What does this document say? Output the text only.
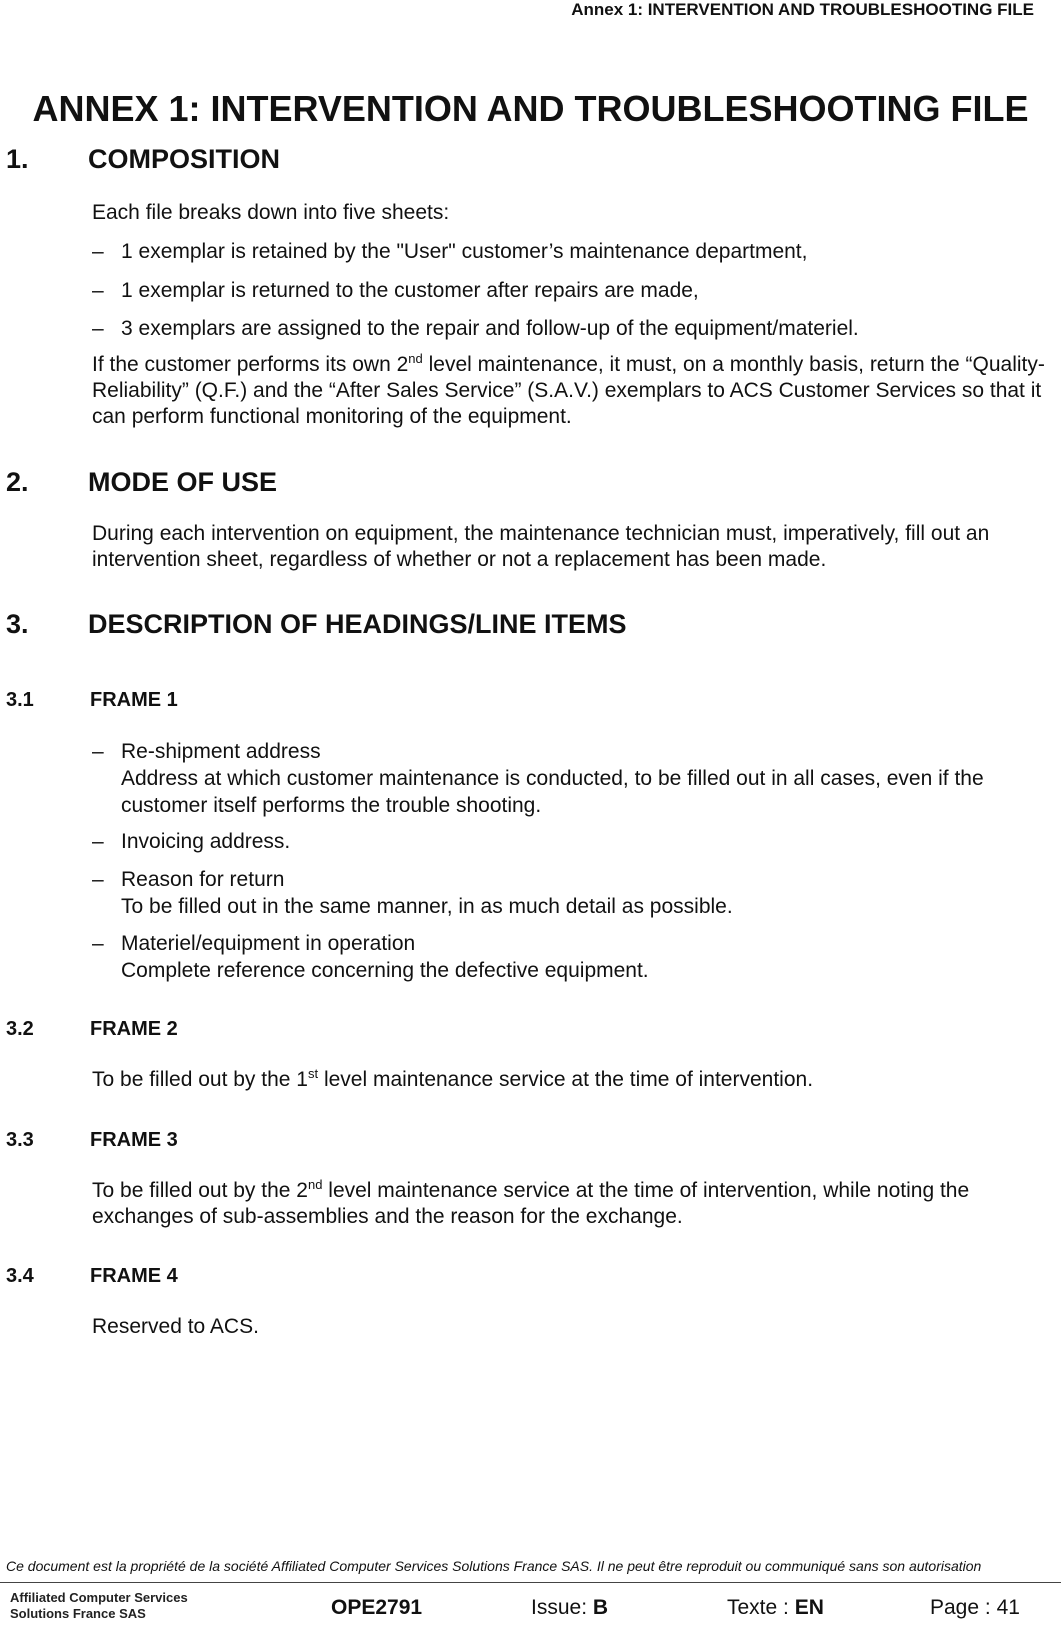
Annex 1: INTERVENTION AND TROUBLESHOOTING FILE
ANNEX 1: INTERVENTION AND TROUBLESHOOTING FILE
1. COMPOSITION
Each file breaks down into five sheets:
– 1 exemplar is retained by the "User" customer’s maintenance department,
– 1 exemplar is returned to the customer after repairs are made,
– 3 exemplars are assigned to the repair and follow-up of the equipment/materiel.
If the customer performs its own 2nd level maintenance, it must, on a monthly basis, return the “Quality-Reliability” (Q.F.) and the “After Sales Service” (S.A.V.) exemplars to ACS Customer Services so that it can perform functional monitoring of the equipment.
2. MODE OF USE
During each intervention on equipment, the maintenance technician must, imperatively, fill out an intervention sheet, regardless of whether or not a replacement has been made.
3. DESCRIPTION OF HEADINGS/LINE ITEMS
3.1	FRAME 1
– Re-shipment address
Address at which customer maintenance is conducted, to be filled out in all cases, even if the customer itself performs the trouble shooting.
– Invoicing address.
– Reason for return
To be filled out in the same manner, in as much detail as possible.
– Materiel/equipment in operation
Complete reference concerning the defective equipment.
3.2	FRAME 2
To be filled out by the 1st level maintenance service at the time of intervention.
3.3	FRAME 3
To be filled out by the 2nd level maintenance service at the time of intervention, while noting the exchanges of sub-assemblies and the reason for the exchange.
3.4	FRAME 4
Reserved to ACS.
Ce document est la propriété de la société Affiliated Computer Services Solutions France SAS. Il ne peut être reproduit ou communiqué sans son autorisation
Affiliated Computer Services
Solutions France SAS	OPE2791	Issue: B	Texte : EN	Page : 41
